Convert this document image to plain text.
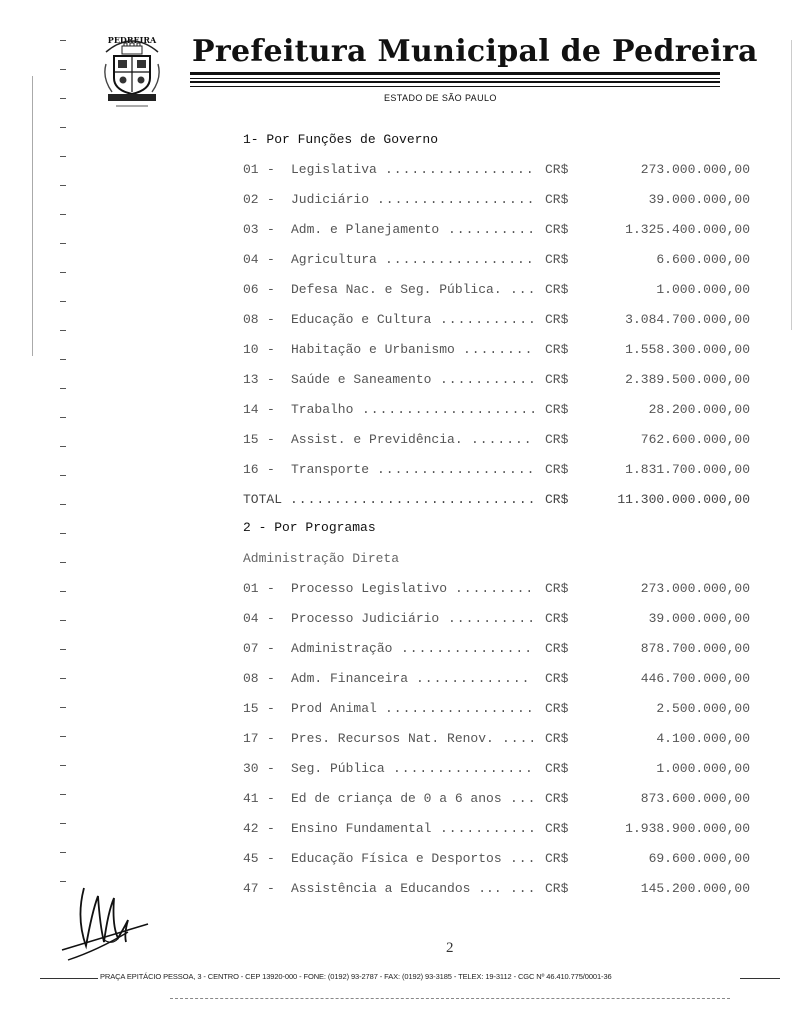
PEDREIRA Prefeitura Municipal de Pedreira
ESTADO DE SÃO PAULO
1- Por Funções de Governo
2 - Por Programas
Administração Direta
01 - Legislativa ................. CR$	273.000.000,00
02 - Judiciário .................. CR$	39.000.000,00
03 - Adm. e Planejamento .......... CR$	1.325.400.000,00
04 - Agricultura ................. CR$	6.600.000,00
06 - Defesa Nac. e Seg. Pública. ... CR$	1.000.000,00
08 - Educação e Cultura ........... CR$	3.084.700.000,00
10 - Habitação e Urbanismo ........ CR$	1.558.300.000,00
13 - Saúde e Saneamento ........... CR$	2.389.500.000,00
14 - Trabalho .................... CR$	28.200.000,00
15 - Assist. e Previdência. ....... CR$	762.600.000,00
16 - Transporte .................. CR$	1.831.700.000,00
TOTAL ............................ CR$	11.300.000.000,00
01 - Processo Legislativo ......... CR$	273.000.000,00
04 - Processo Judiciário .......... CR$	39.000.000,00
07 - Administração ............... CR$	878.700.000,00
08 - Adm. Financeira ............. CR$	446.700.000,00
15 - Prod Animal ................. CR$	2.500.000,00
17 - Pres. Recursos Nat. Renov. .... CR$	4.100.000,00
30 - Seg. Pública ................ CR$	1.000.000,00
41 - Ed de criança de 0 a 6 anos ... CR$	873.600.000,00
42 - Ensino Fundamental ........... CR$	1.938.900.000,00
45 - Educação Física e Desportos ... CR$	69.600.000,00
47 - Assistência a Educandos ... ... CR$	145.200.000,00
2
PRAÇA EPITÁCIO PESSOA, 3 - CENTRO - CEP 13920-000 - FONE: (0192) 93-2787 - FAX: (0192) 93-3185 - TELEX: 19-3112 - CGC Nº 46.410.775/0001-36
